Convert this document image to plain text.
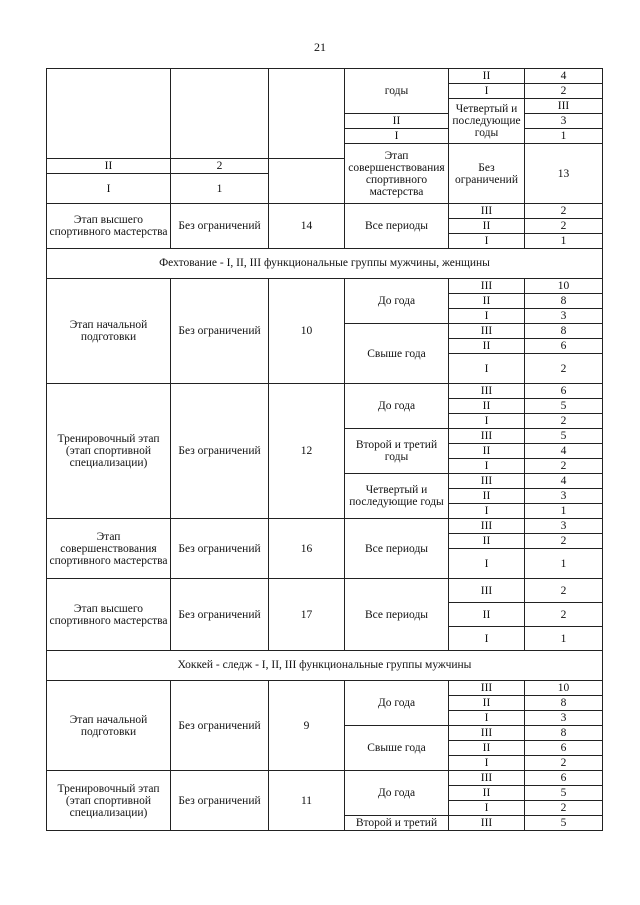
21
			годы	II	4	
				I	2	
				Четвертый и последующие годы	III	
			II		3	
			I		1	
			Этап совершенствования спортивного мастерства	Без ограничений	13			
II	2					
I	1					
Этап высшего спортивного мастерства	Без ограничений	14	Все периоды	III	2	
				II	2	
				I	1	
Фехтование - I, II, III функциональные группы мужчины, женщины						
Этап начальной подготовки	Без ограничений	10	До года	III	10	
				II	8	
				I	3	
			Свыше года	III	8	
				II	6	
				I	2	
Тренировочный этап (этап спортивной специализации)	Без ограничений	12	До года	III	6	
				II	5	
				I	2	
			Второй и третий годы	III	5	
				II	4	
				I	2	
			Четвертый и последующие годы	III	4	
				II	3	
				I	1	
Этап совершенствования спортивного мастерства	Без ограничений	16	Все периоды	III	3	
				II	2	
				I	1	
Этап высшего спортивного мастерства	Без ограничений	17	Все периоды	III	2	
				II	2	
				I	1	
Хоккей - следж - I, II, III функциональные группы мужчины						
Этап начальной подготовки	Без ограничений	9	До года	III	10	
				II	8	
				I	3	
			Свыше года	III	8	
				II	6	
				I	2	
Тренировочный этап (этап спортивной специализации)	Без ограничений	11	До года	III	6	
				II	5	
				I	2	
			Второй и третий	III	5	
